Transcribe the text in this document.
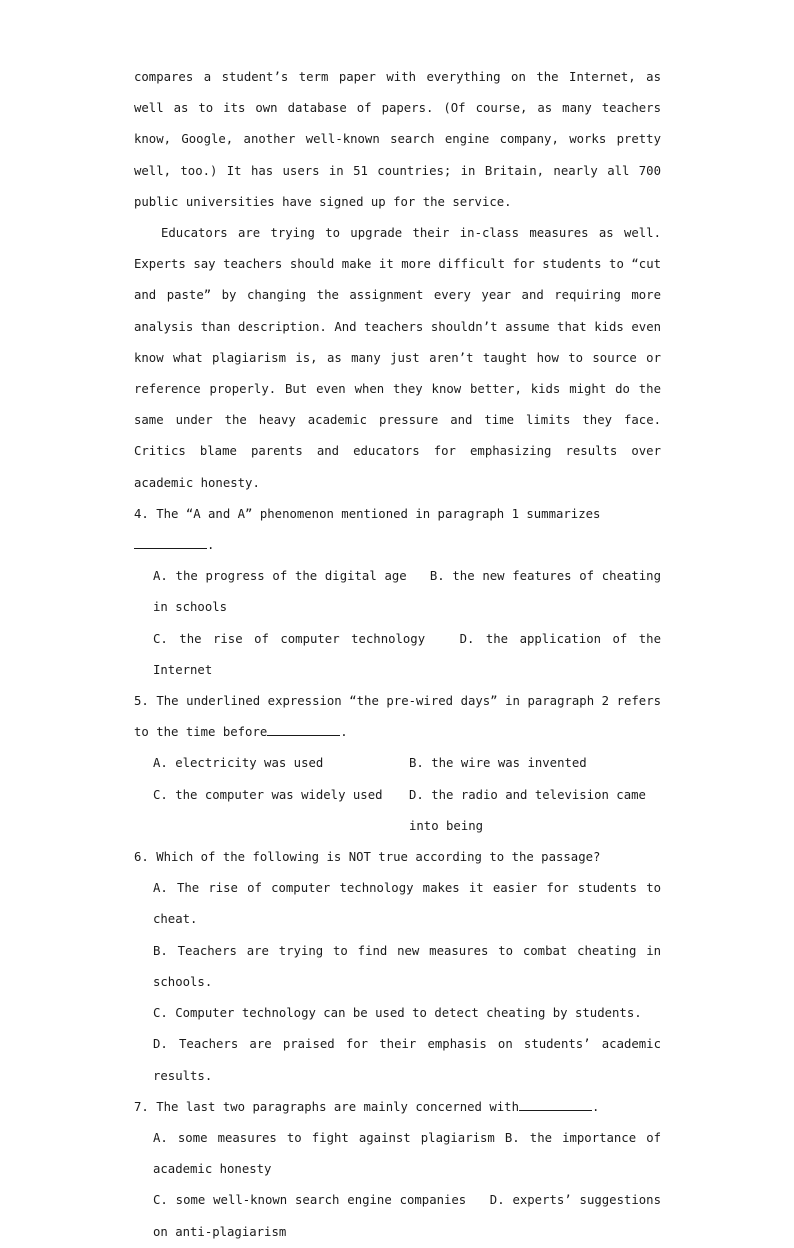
compares a student’s term paper with everything on the Internet, as well as to its own database of papers. (Of course, as many teachers know, Google, another well-known search engine company, works pretty well, too.) It has users in 51 countries; in Britain, nearly all 700 public universities have signed up for the service.

Educators are trying to upgrade their in-class measures as well. Experts say teachers should make it more difficult for students to “cut and paste” by changing the assignment every year and requiring more analysis than description. And teachers shouldn’t assume that kids even know what plagiarism is, as many just aren’t taught how to source or reference properly. But even when they know better, kids might do the same under the heavy academic pressure and time limits they face. Critics blame parents and educators for emphasizing results over academic honesty.

4. The “A and A” phenomenon mentioned in paragraph 1 summarizes.

A. the progress of the digital age B. the new features of cheating in schools

C. the rise of computer technology	D. the application of the Internet

5. The underlined expression “the pre-wired days” in paragraph 2 refers to the time before	.

A. electricity was used	B. the wire was invented
C. the computer was widely used	D. the radio and television came into being

6. Which of the following is NOT true according to the passage?

A. The rise of computer technology makes it easier for students to cheat.

B. Teachers are trying to find new measures to combat cheating in schools.

C. Computer technology can be used to detect cheating by students.

D. Teachers are praised for their emphasis on students’ academic results.

7. The last two paragraphs are mainly concerned with	.

A. some measures to fight against plagiarism B. the importance of academic honesty

C. some well-known search engine companies D. experts’ suggestions on anti-plagiarism
